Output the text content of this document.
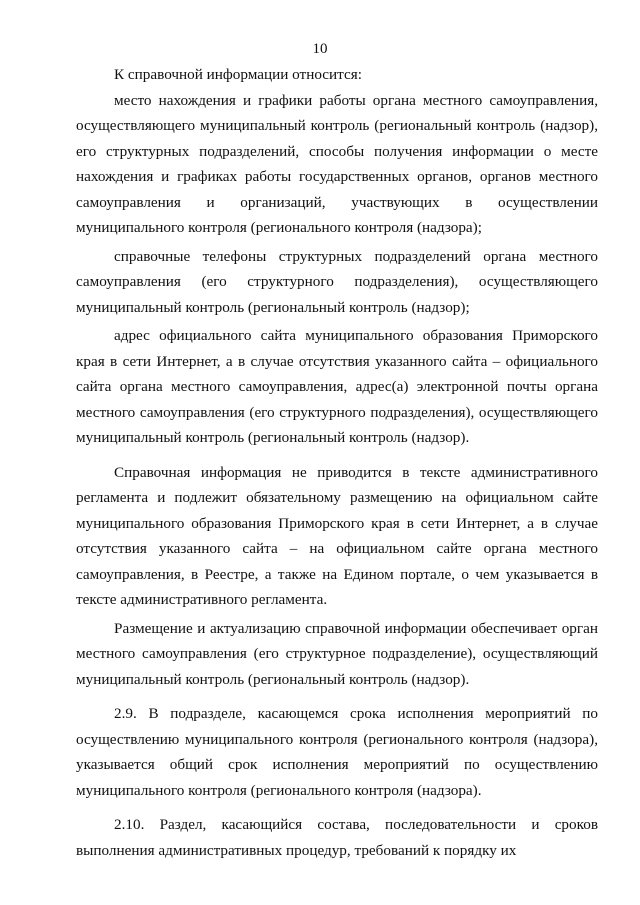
10

К справочной информации относится:

место нахождения и графики работы органа местного самоуправления, осуществляющего муниципальный контроль (региональный контроль (надзор), его структурных подразделений, способы получения информации о месте нахождения и графиках работы государственных органов, органов местного самоуправления и организаций, участвующих в осуществлении муниципального контроля (регионального контроля (надзора);

справочные телефоны структурных подразделений органа местного самоуправления (его структурного подразделения), осуществляющего муниципальный контроль (региональный контроль (надзор);

адрес официального сайта муниципального образования Приморского края в сети Интернет, а в случае отсутствия указанного сайта – официального сайта органа местного самоуправления, адрес(а) электронной почты органа местного самоуправления (его структурного подразделения), осуществляющего муниципальный контроль (региональный контроль (надзор).

Справочная информация не приводится в тексте административного регламента и подлежит обязательному размещению на официальном сайте муниципального образования Приморского края в сети Интернет, а в случае отсутствия указанного сайта – на официальном сайте органа местного самоуправления, в Реестре, а также на Едином портале, о чем указывается в тексте административного регламента.

Размещение и актуализацию справочной информации обеспечивает орган местного самоуправления (его структурное подразделение), осуществляющий муниципальный контроль (региональный контроль (надзор).

2.9. В подразделе, касающемся срока исполнения мероприятий по осуществлению муниципального контроля (регионального контроля (надзора), указывается общий срок исполнения мероприятий по осуществлению муниципального контроля (регионального контроля (надзора).

2.10. Раздел, касающийся состава, последовательности и сроков выполнения административных процедур, требований к порядку их
